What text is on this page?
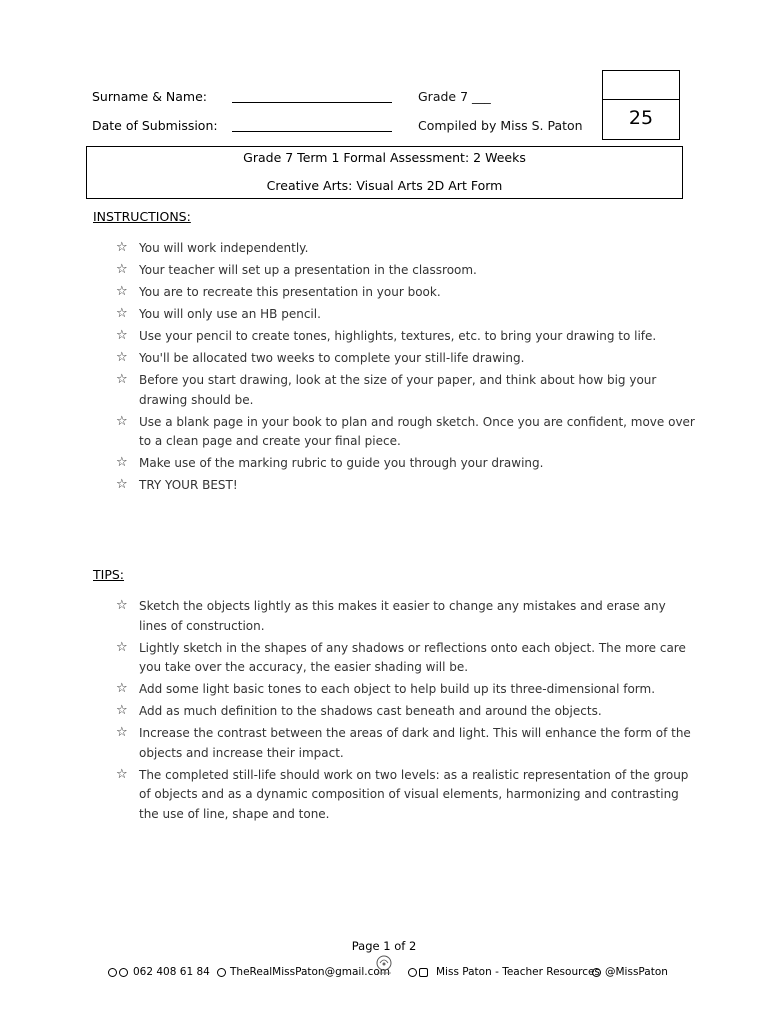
Surname & Name:	Grade 7 ___
Date of Submission:	Compiled by Miss S. Paton	25
Grade 7 Term 1 Formal Assessment: 2 Weeks
Creative Arts: Visual Arts 2D Art Form
INSTRUCTIONS:
☆ You will work independently.
☆ Your teacher will set up a presentation in the classroom.
☆ You are to recreate this presentation in your book.
☆ You will only use an HB pencil.
☆ Use your pencil to create tones, highlights, textures, etc. to bring your drawing to life.
☆ You'll be allocated two weeks to complete your still-life drawing.
☆ Before you start drawing, look at the size of your paper, and think about how big your drawing should be.
☆ Use a blank page in your book to plan and rough sketch. Once you are confident, move over to a clean page and create your final piece.
☆ Make use of the marking rubric to guide you through your drawing.
☆ TRY YOUR BEST!
TIPS:
☆ Sketch the objects lightly as this makes it easier to change any mistakes and erase any lines of construction.
☆ Lightly sketch in the shapes of any shadows or reflections onto each object. The more care you take over the accuracy, the easier shading will be.
☆ Add some light basic tones to each object to help build up its three-dimensional form.
☆ Add as much definition to the shadows cast beneath and around the objects.
☆ Increase the contrast between the areas of dark and light. This will enhance the form of the objects and increase their impact.
☆ The completed still-life should work on two levels: as a realistic representation of the group of objects and as a dynamic composition of visual elements, harmonizing and contrasting the use of line, shape and tone.
Page 1 of 2
062 408 61 84 TheRealMissPaton@gmail.com	Miss Paton - Teacher Resources @MissPaton
